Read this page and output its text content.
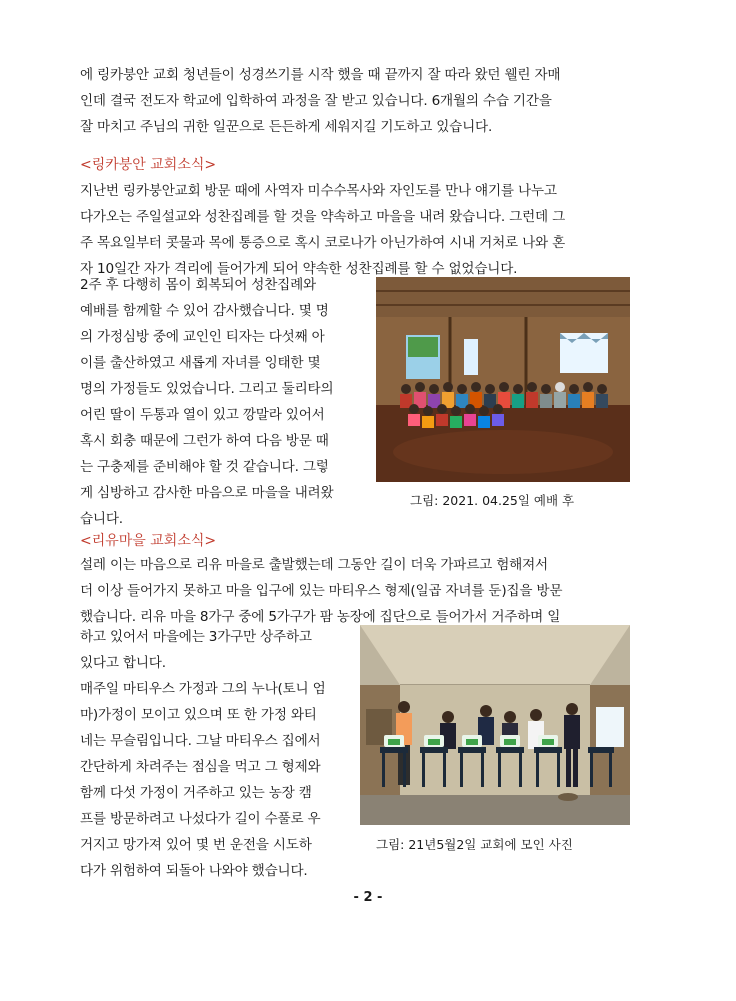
에 링카붕안 교회 청년들이 성경쓰기를 시작 했을 때 끝까지 잘 따라 왔던 웰린 자매
인데 결국 전도자 학교에 입학하여 과정을 잘 받고 있습니다. 6개월의 수습 기간을
잘 마치고 주님의 귀한 일꾼으로 든든하게 세워지길 기도하고 있습니다.
<링카붕안 교회소식>
지난번 링카붕안교회 방문 때에 사역자 미수수목사와 자인도를 만나 얘기를 나누고
다가오는 주일설교와 성찬집례를 할 것을 약속하고 마을을 내려 왔습니다. 그런데 그
주 목요일부터 콧물과 목에 통증으로 혹시 코로나가 아닌가하여 시내 거처로 나와 혼
자 10일간 자가 격리에 들어가게 되어 약속한 성찬집례를 할 수 없었습니다.
2주 후 다행히 몸이 회복되어 성찬집례와
예배를 함께할 수 있어 감사했습니다. 몇 명
의 가정심방 중에 교인인 티자는 다섯째 아
이를 출산하였고 새롭게 자녀를 잉태한 몇
명의 가정들도 있었습니다. 그리고 둘리타의
어린 딸이 두통과 열이 있고 깡말라 있어서
혹시 회충 때문에 그런가 하여 다음 방문 때
는 구충제를 준비해야 할 것 같습니다. 그렇
게 심방하고 감사한 마음으로 마을을 내려왔
습니다.
그림: 2021. 04.25일 예배 후
<리유마을 교회소식>
설레 이는 마음으로 리유 마을로 출발했는데 그동안 길이 더욱 가파르고 험해져서
더 이상 들어가지 못하고 마을 입구에 있는 마티우스 형제(일곱 자녀를 둔)집을 방문
했습니다. 리유 마을 8가구 중에 5가구가 팜 농장에 집단으로 들어가서 거주하며 일
하고 있어서 마을에는 3가구만 상주하고
있다고 합니다.
매주일 마티우스 가정과 그의 누나(토니 엄
마)가정이 모이고 있으며 또 한 가정 와티
네는 무슬림입니다. 그날 마티우스 집에서
간단하게 차려주는 점심을 먹고 그 형제와
함께 다섯 가정이 거주하고 있는 농장 캠
프를 방문하려고 나섰다가 길이 수풀로 우
거지고 망가져 있어 몇 번 운전을 시도하
다가 위험하여 되돌아 나와야 했습니다.
그림: 21년5월2일 교회에 모인 사진
- 2 -
